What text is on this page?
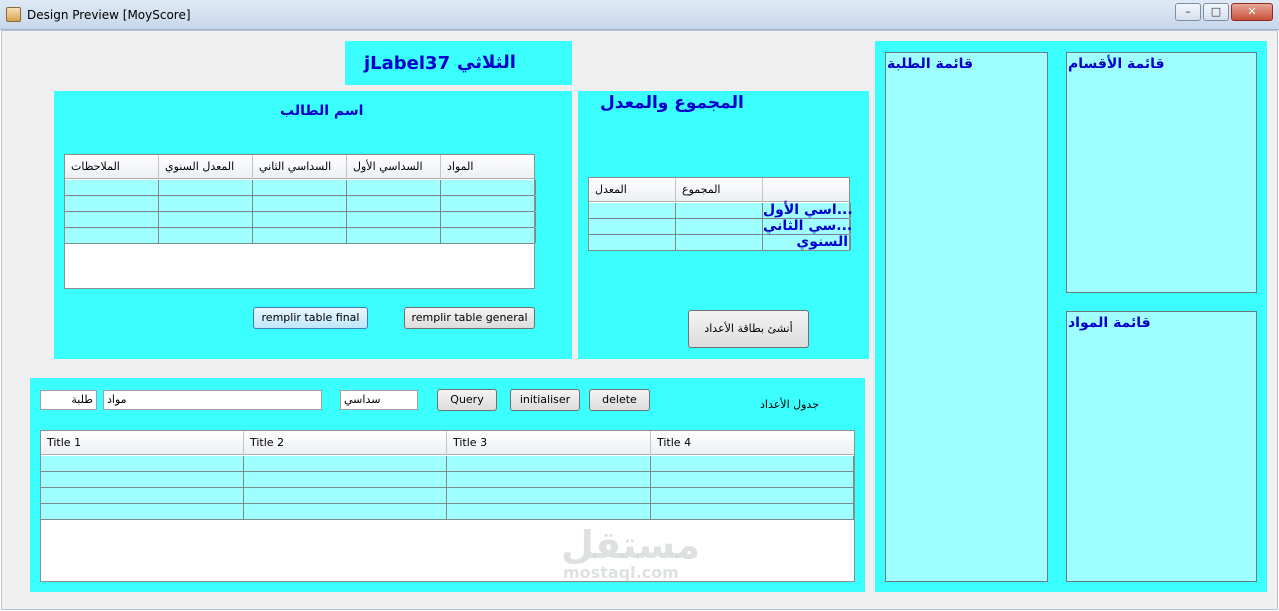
Design Preview [MoyScore]	–	□	✕
jLabel37 الثلاثي
اسم الطالب
الملاحظات	المعدل السنوي	السداسي الثاني	السداسي الأول	المواد
remplir table final	remplir table general
المجموع والمعدل
المعدل	المجموع
اسي الأول...
سي الثاني...
السنوي
أنشئ بطاقة الأعداد
طلبة	مواد	سداسي	Query	initialiser	delete	جدول الأعداد
Title 1	Title 2	Title 3	Title 4
مستقل
mostaql.com
قائمة الطلبة	قائمة الأقسام
قائمة المواد
